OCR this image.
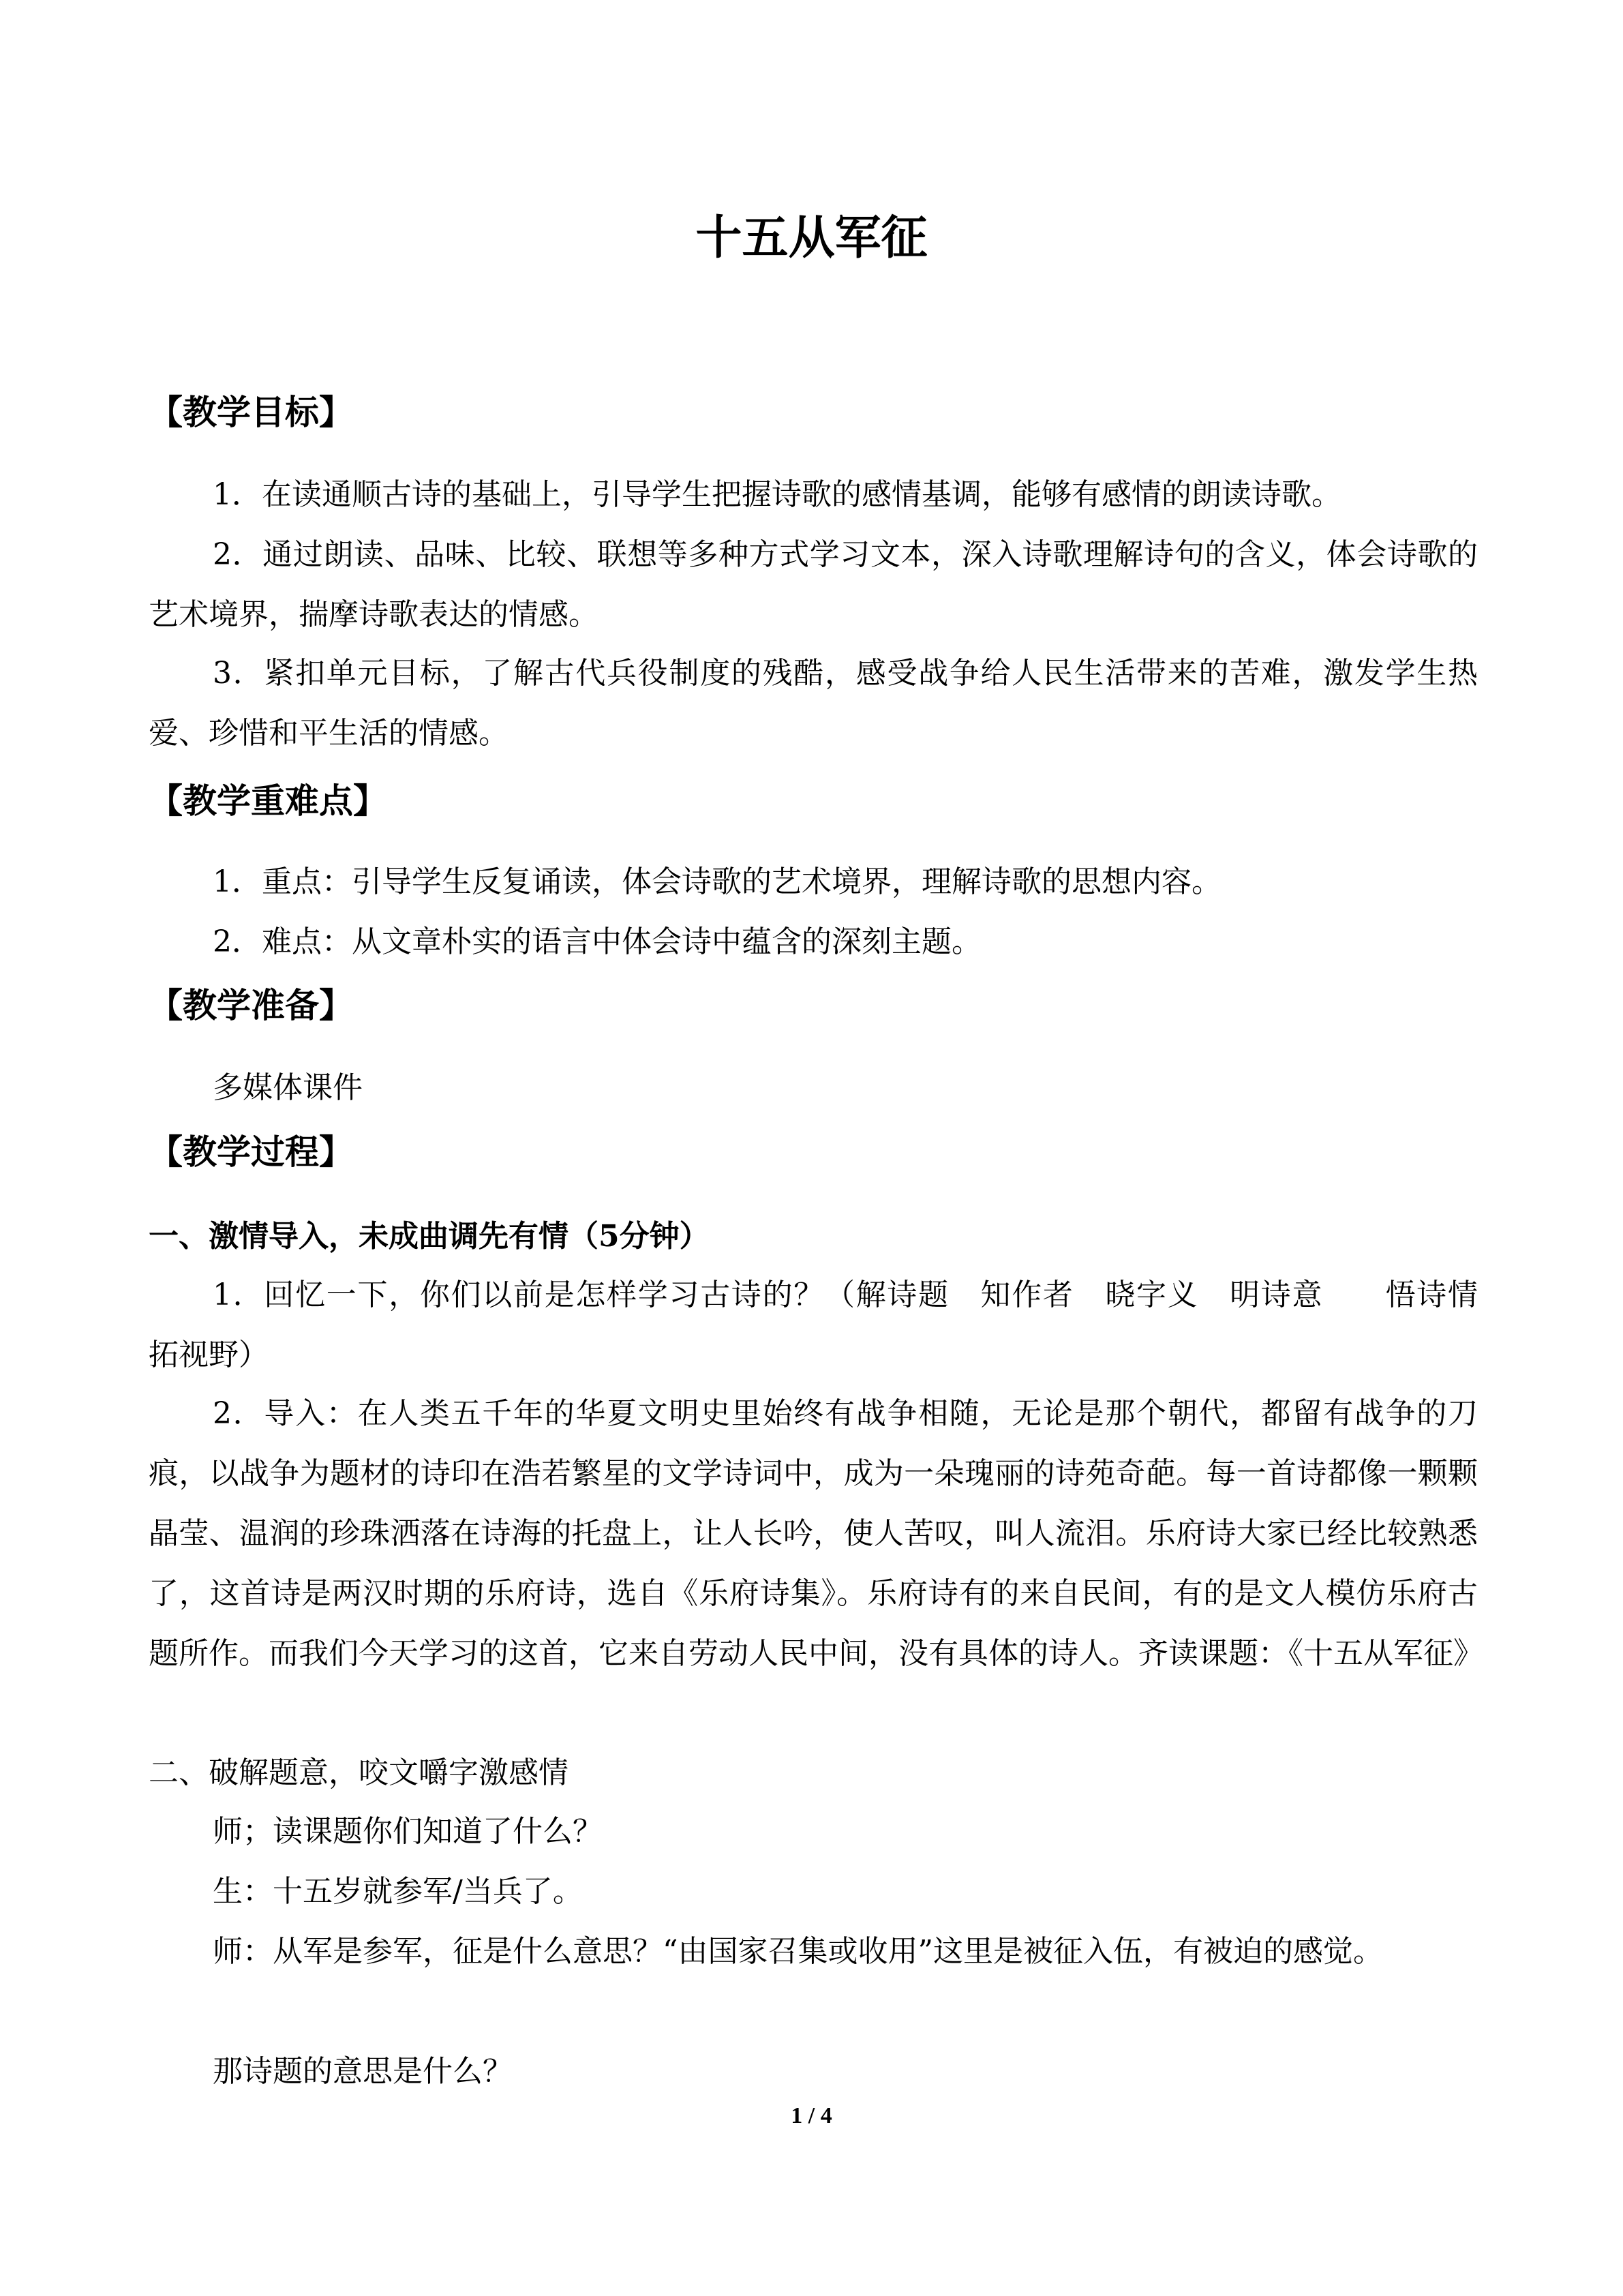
十五从军征
【教学目标】
1．在读通顺古诗的基础上，引导学生把握诗歌的感情基调，能够有感情的朗读诗歌。
2．通过朗读、品味、比较、联想等多种方式学习文本，深入诗歌理解诗句的含义，体会诗歌的艺术境界，揣摩诗歌表达的情感。
3．紧扣单元目标，了解古代兵役制度的残酷，感受战争给人民生活带来的苦难，激发学生热爱、珍惜和平生活的情感。
【教学重难点】
1．重点：引导学生反复诵读，体会诗歌的艺术境界，理解诗歌的思想内容。
2．难点：从文章朴实的语言中体会诗中蕴含的深刻主题。
【教学准备】
多媒体课件
【教学过程】
一、激情导入，未成曲调先有情（5分钟）
1．回忆一下，你们以前是怎样学习古诗的？（解诗题　知作者　晓字义　明诗意　　悟诗情　拓视野）
2．导入：在人类五千年的华夏文明史里始终有战争相随，无论是那个朝代，都留有战争的刀痕，以战争为题材的诗印在浩若繁星的文学诗词中，成为一朵瑰丽的诗苑奇葩。每一首诗都像一颗颗晶莹、温润的珍珠洒落在诗海的托盘上，让人长吟，使人苦叹，叫人流泪。乐府诗大家已经比较熟悉了，这首诗是两汉时期的乐府诗，选自《乐府诗集》。乐府诗有的来自民间，有的是文人模仿乐府古题所作。而我们今天学习的这首，它来自劳动人民中间，没有具体的诗人。齐读课题：《十五从军征》
二、破解题意，咬文嚼字激感情
师；读课题你们知道了什么？
生：十五岁就参军/当兵了。
师：从军是参军，征是什么意思？“由国家召集或收用”这里是被征入伍，有被迫的感觉。
那诗题的意思是什么？
1 / 4
